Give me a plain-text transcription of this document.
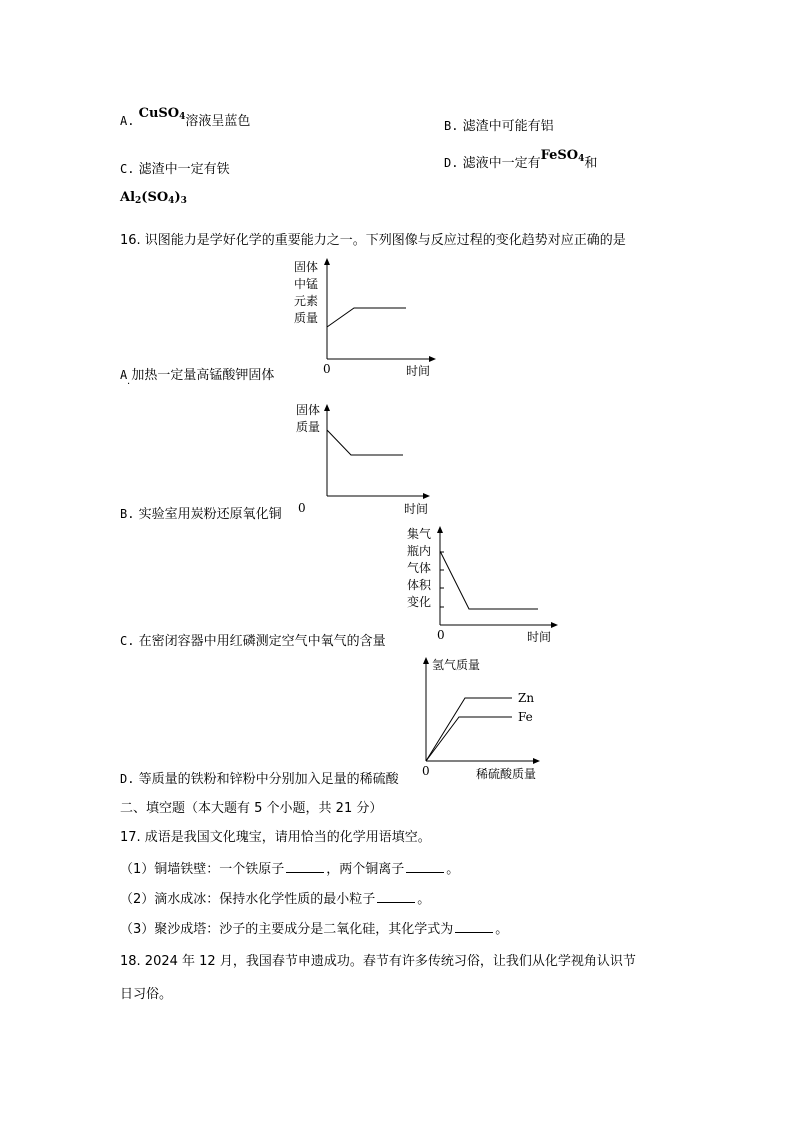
A. CuSO$_4$溶液呈蓝色	B. 滤渣中可能有铝
C. 滤渣中一定有铁	D. 滤液中一定有FeSO$_4$和
$Al_2(SO_4)_3$
16. 识图能力是学好化学的重要能力之一。下列图像与反应过程的变化趋势对应正确的是
固体
中锰
元素
质量
0	时间
A 加热一定量高锰酸钾固体
.
固体
质量
0	时间
B. 实验室用炭粉还原氧化铜
集气
瓶内
气体
体积
变化
0	时间
C. 在密闭容器中用红磷测定空气中氧气的含量
氢气质量
Zn
Fe
0	稀硫酸质量
D. 等质量的铁粉和锌粉中分别加入足量的稀硫酸
二、填空题（本大题有 5 个小题，共 21 分）
17. 成语是我国文化瑰宝，请用恰当的化学用语填空。
（1）铜墙铁壁：一个铁原子	，两个铜离子	。
（2）滴水成冰：保持水化学性质的最小粒子	。
（3）聚沙成塔：沙子的主要成分是二氧化硅，其化学式为	。
18. 2024 年 12 月，我国春节申遗成功。春节有许多传统习俗，让我们从化学视角认识节
日习俗。
